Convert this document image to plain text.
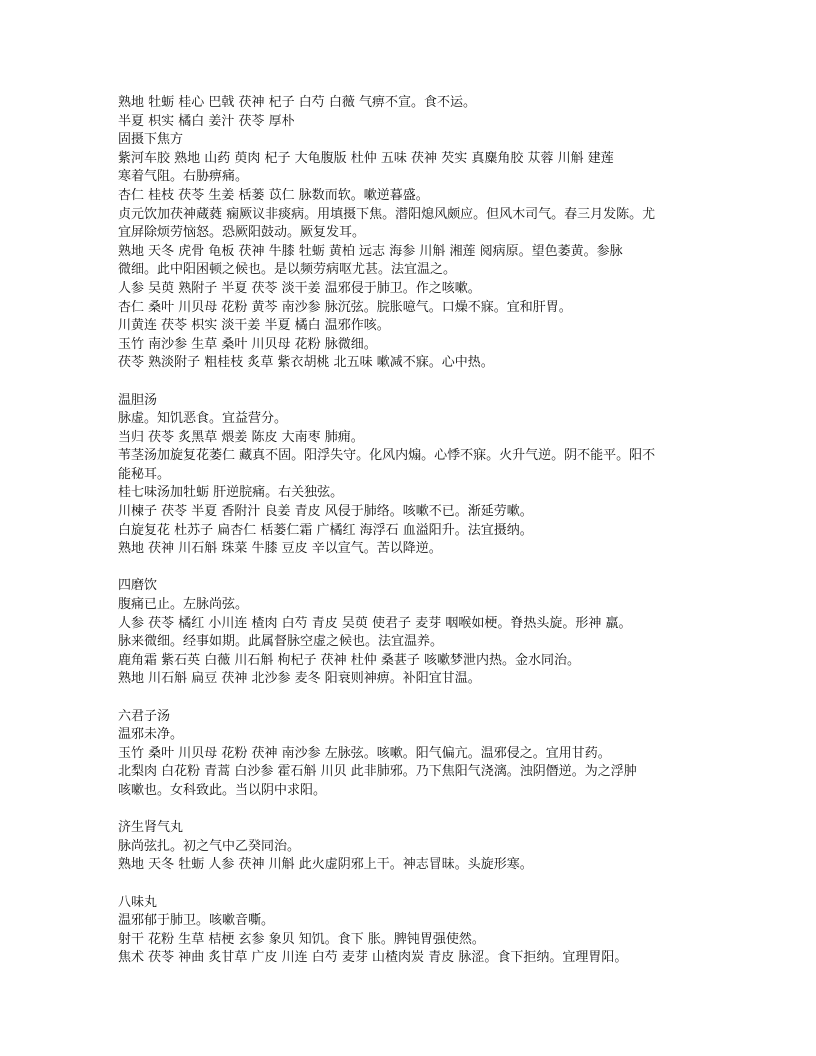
熟地 牡蛎 桂心 巴戟 茯神 杞子 白芍 白薇 气痹不宣。食不运。
半夏 枳实 橘白 姜汁 茯苓 厚朴
固摄下焦方
紫河车胶 熟地 山药 萸肉 杞子 大龟腹版 杜仲 五味 茯神 芡实 真麋角胶 苁蓉 川斛 建莲
寒着气阻。右胁痹痛。
杏仁 桂枝 茯苓 生姜 栝蒌 苡仁 脉数而软。嗽逆暮盛。
贞元饮加茯神蔵蕤 痫厥议非痰病。用填摄下焦。潜阳熄风颇应。但风木司气。春三月发陈。尤
宜屏除烦劳恼怒。恐厥阳鼓动。厥复发耳。
熟地 天冬 虎骨 龟板 茯神 牛膝 牡蛎 黄柏 远志 海参 川斛 湘莲 阅病原。望色萎黄。参脉
微细。此中阳困顿之候也。是以频劳病呕尤甚。法宜温之。
人参 吴萸 熟附子 半夏 茯苓 淡干姜 温邪侵于肺卫。作之咳嗽。
杏仁 桑叶 川贝母 花粉 黄芩 南沙参 脉沉弦。脘胀噫气。口燥不寐。宜和肝胃。
川黄连 茯苓 枳实 淡干姜 半夏 橘白 温邪作咳。
玉竹 南沙参 生草 桑叶 川贝母 花粉 脉微细。
茯苓 熟淡附子 粗桂枝 炙草 紫衣胡桃 北五味 嗽减不寐。心中热。
温胆汤
脉虚。知饥恶食。宜益营分。
当归 茯苓 炙黑草 煨姜 陈皮 大南枣 肺痈。
苇茎汤加旋复花萎仁 藏真不固。阳浮失守。化风内煽。心悸不寐。火升气逆。阴不能平。阳不
能秘耳。
桂七味汤加牡蛎 肝逆脘痛。右关独弦。
川楝子 茯苓 半夏 香附汁 良姜 青皮 风侵于肺络。咳嗽不已。渐延劳嗽。
白旋复花 杜苏子 扁杏仁 栝蒌仁霜 广橘红 海浮石 血溢阳升。法宜摄纳。
熟地 茯神 川石斛 珠菜 牛膝 豆皮 辛以宣气。苦以降逆。
四磨饮
腹痛已止。左脉尚弦。
人参 茯苓 橘红 小川连 楂肉 白芍 青皮 吴萸 使君子 麦芽 咽喉如梗。脊热头旋。形神 羸。
脉来微细。经事如期。此属督脉空虚之候也。法宜温养。
鹿角霜 紫石英 白薇 川石斛 枸杞子 茯神 杜仲 桑葚子 咳嗽梦泄内热。金水同治。
熟地 川石斛 扁豆 茯神 北沙参 麦冬 阳衰则神痹。补阳宜甘温。
六君子汤
温邪未净。
玉竹 桑叶 川贝母 花粉 茯神 南沙参 左脉弦。咳嗽。阳气偏亢。温邪侵之。宜用甘药。
北梨肉 白花粉 青蒿 白沙参 霍石斛 川贝 此非肺邪。乃下焦阳气浇漓。浊阴僭逆。为之浮肿
咳嗽也。女科致此。当以阴中求阳。
济生肾气丸
脉尚弦扎。初之气中乙癸同治。
熟地 天冬 牡蛎 人参 茯神 川斛 此火虚阴邪上干。神志冒昧。头旋形寒。
八味丸
温邪郁于肺卫。咳嗽音嘶。
射干 花粉 生草 桔梗 玄参 象贝 知饥。食下 胀。脾钝胃强使然。
焦术 茯苓 神曲 炙甘草 广皮 川连 白芍 麦芽 山楂肉炭 青皮 脉涩。食下拒纳。宜理胃阳。
